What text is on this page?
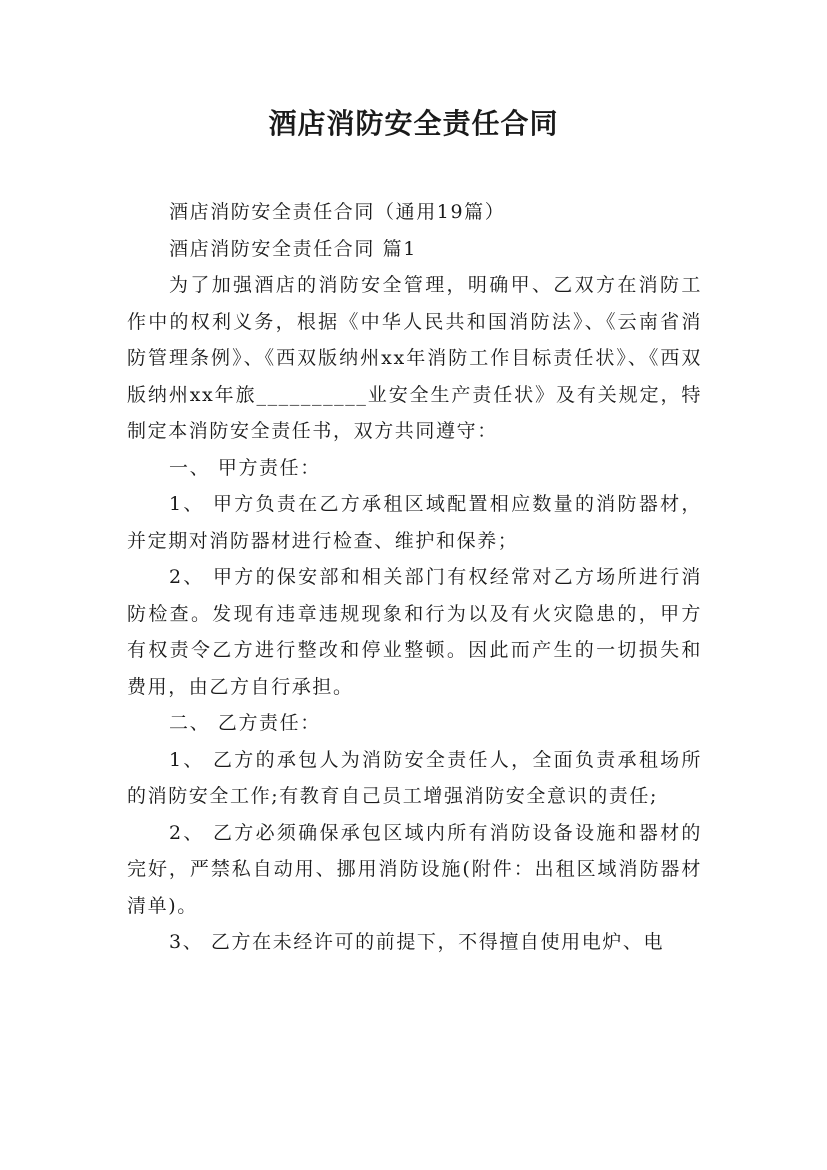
酒店消防安全责任合同

酒店消防安全责任合同（通用19篇）

酒店消防安全责任合同 篇1

为了加强酒店的消防安全管理，明确甲、乙双方在消防工作中的权利义务，根据《中华人民共和国消防法》、《云南省消防管理条例》、《西双版纳州xx年消防工作目标责任状》、《西双版纳州xx年旅__________业安全生产责任状》及有关规定，特制定本消防安全责任书，双方共同遵守：

一、 甲方责任：

1、 甲方负责在乙方承租区域配置相应数量的消防器材，并定期对消防器材进行检查、维护和保养；

2、 甲方的保安部和相关部门有权经常对乙方场所进行消防检查。发现有违章违规现象和行为以及有火灾隐患的，甲方有权责令乙方进行整改和停业整顿。因此而产生的一切损失和费用，由乙方自行承担。

二、 乙方责任：

1、 乙方的承包人为消防安全责任人，全面负责承租场所的消防安全工作;有教育自己员工增强消防安全意识的责任;

2、 乙方必须确保承包区域内所有消防设备设施和器材的完好，严禁私自动用、挪用消防设施(附件：出租区域消防器材清单)。

3、 乙方在未经许可的前提下，不得擅自使用电炉、电
